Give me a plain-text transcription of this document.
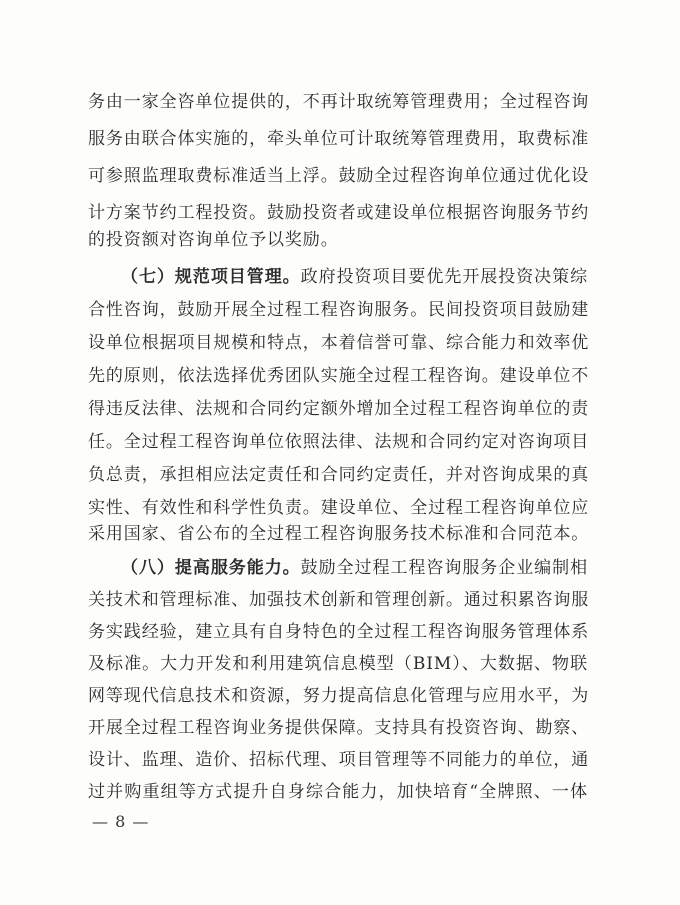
务由一家全咨单位提供的，不再计取统筹管理费用；全过程咨询
服务由联合体实施的，牵头单位可计取统筹管理费用，取费标准
可参照监理取费标准适当上浮。鼓励全过程咨询单位通过优化设
计方案节约工程投资。鼓励投资者或建设单位根据咨询服务节约
的投资额对咨询单位予以奖励。
（七）规范项目管理。政府投资项目要优先开展投资决策综
合性咨询，鼓励开展全过程工程咨询服务。民间投资项目鼓励建
设单位根据项目规模和特点，本着信誉可靠、综合能力和效率优
先的原则，依法选择优秀团队实施全过程工程咨询。建设单位不
得违反法律、法规和合同约定额外增加全过程工程咨询单位的责
任。全过程工程咨询单位依照法律、法规和合同约定对咨询项目
负总责，承担相应法定责任和合同约定责任，并对咨询成果的真
实性、有效性和科学性负责。建设单位、全过程工程咨询单位应
采用国家、省公布的全过程工程咨询服务技术标准和合同范本。
（八）提高服务能力。鼓励全过程工程咨询服务企业编制相
关技术和管理标准、加强技术创新和管理创新。通过积累咨询服
务实践经验，建立具有自身特色的全过程工程咨询服务管理体系
及标准。大力开发和利用建筑信息模型（BIM）、大数据、物联
网等现代信息技术和资源，努力提高信息化管理与应用水平，为
开展全过程工程咨询业务提供保障。支持具有投资咨询、勘察、
设计、监理、造价、招标代理、项目管理等不同能力的单位，通
过并购重组等方式提升自身综合能力，加快培育“全牌照、一体
— 8 —
